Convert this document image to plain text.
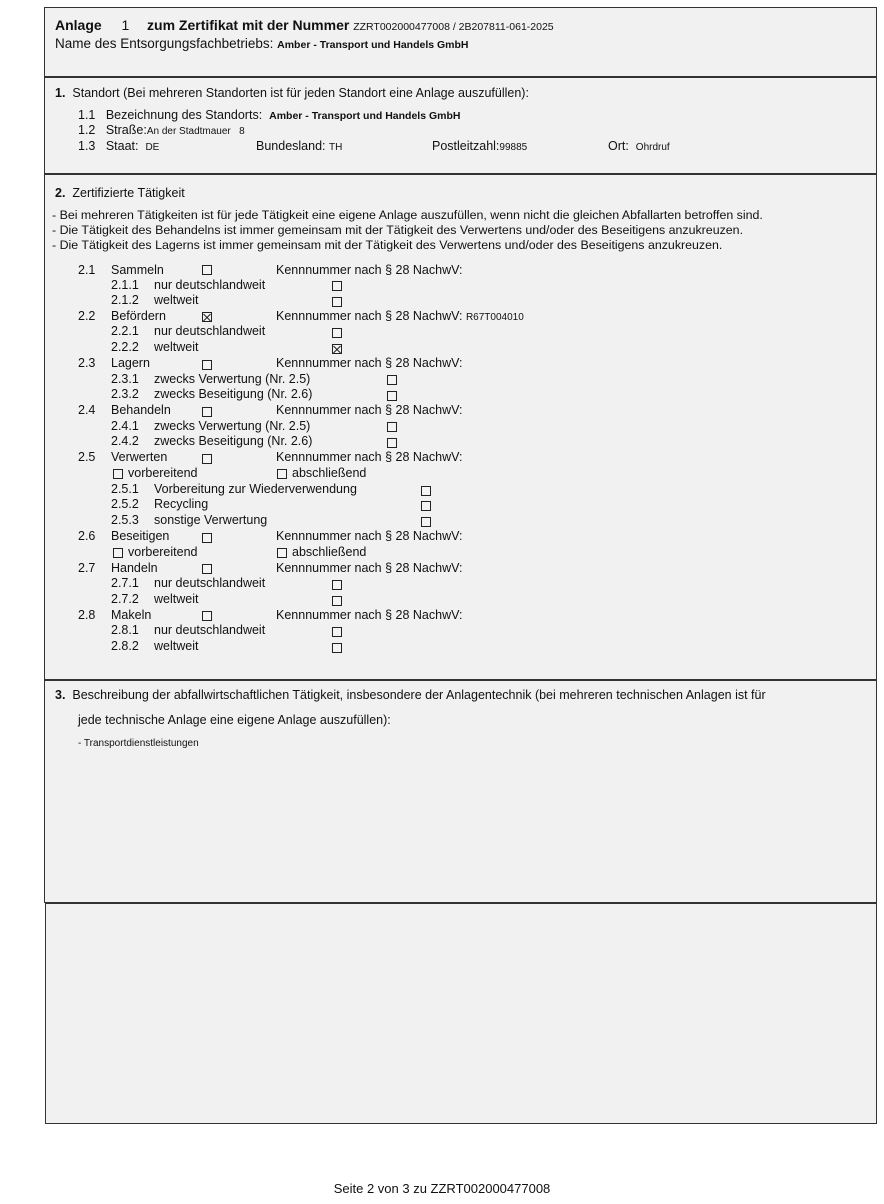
Anlage 1 zum Zertifikat mit der Nummer ZZRT002000477008 / 2B207811-061-2025
Name des Entsorgungsfachbetriebs: Amber - Transport und Handels GmbH
1. Standort (Bei mehreren Standorten ist für jeden Standort eine Anlage auszufüllen):
1.1 Bezeichnung des Standorts: Amber - Transport und Handels GmbH
1.2 Straße:An der Stadtmauer   8
1.3 Staat: DE	Bundesland: TH	Postleitzahl:99885	Ort: Ohrdruf
2. Zertifizierte Tätigkeit
- Bei mehreren Tätigkeiten ist für jede Tätigkeit eine eigene Anlage auszufüllen, wenn nicht die gleichen Abfallarten betroffen sind.
- Die Tätigkeit des Behandelns ist immer gemeinsam mit der Tätigkeit des Verwertens und/oder des Beseitigens anzukreuzen.
- Die Tätigkeit des Lagerns ist immer gemeinsam mit der Tätigkeit des Verwertens und/oder des Beseitigens anzukreuzen.
2.1 Sammeln	Kennnummer nach § 28 NachwV:
2.1.1 nur deutschlandweit
2.1.2 weltweit
2.2 Befördern	Kennnummer nach § 28 NachwV: R67T004010
2.2.1 nur deutschlandweit
2.2.2 weltweit
2.3 Lagern	Kennnummer nach § 28 NachwV:
2.3.1 zwecks Verwertung (Nr. 2.5)
2.3.2 zwecks Beseitigung (Nr. 2.6)
2.4 Behandeln	Kennnummer nach § 28 NachwV:
2.4.1 zwecks Verwertung (Nr. 2.5)
2.4.2 zwecks Beseitigung (Nr. 2.6)
2.5 Verwerten	Kennnummer nach § 28 NachwV:
vorbereitend	abschließend
2.5.1 Vorbereitung zur Wiederverwendung
2.5.2 Recycling
2.5.3 sonstige Verwertung
2.6 Beseitigen	Kennnummer nach § 28 NachwV:
vorbereitend	abschließend
2.7 Handeln	Kennnummer nach § 28 NachwV:
2.7.1 nur deutschlandweit
2.7.2 weltweit
2.8 Makeln	Kennnummer nach § 28 NachwV:
2.8.1 nur deutschlandweit
2.8.2 weltweit
3. Beschreibung der abfallwirtschaftlichen Tätigkeit, insbesondere der Anlagentechnik (bei mehreren technischen Anlagen ist für
jede technische Anlage eine eigene Anlage auszufüllen):
- Transportdienstleistungen
Seite 2 von 3 zu ZZRT002000477008
